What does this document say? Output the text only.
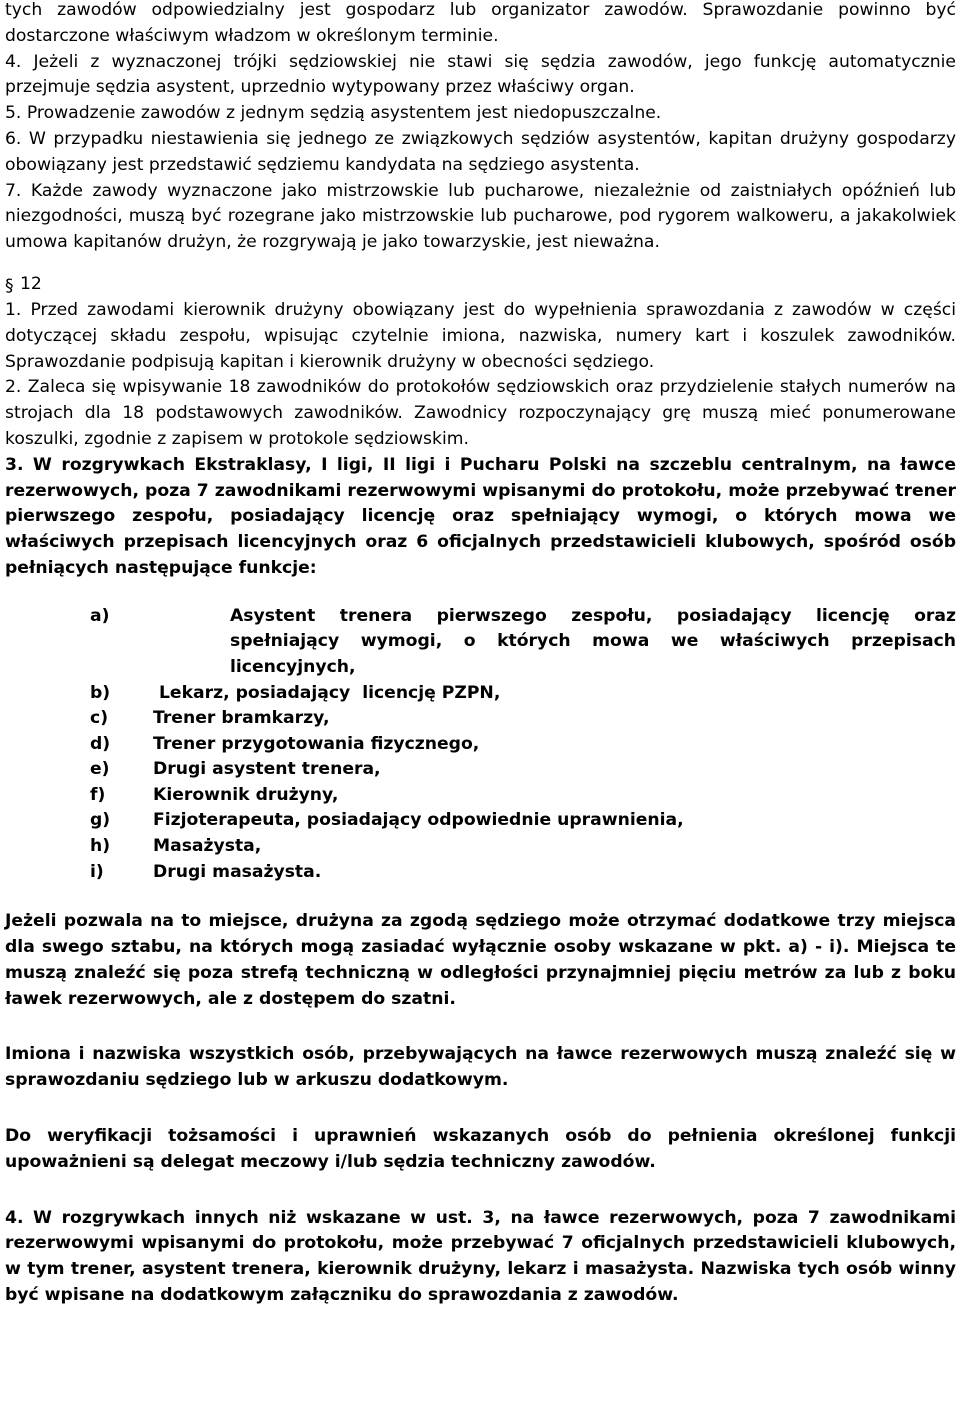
tych zawodów odpowiedzialny jest gospodarz lub organizator zawodów. Sprawozdanie powinno być dostarczone właściwym władzom w określonym terminie.

4. Jeżeli z wyznaczonej trójki sędziowskiej nie stawi się sędzia zawodów, jego funkcję automatycznie przejmuje sędzia asystent, uprzednio wytypowany przez właściwy organ.

5. Prowadzenie zawodów z jednym sędzią asystentem jest niedopuszczalne.

6. W przypadku niestawienia się jednego ze związkowych sędziów asystentów, kapitan drużyny gospodarzy obowiązany jest przedstawić sędziemu kandydata na sędziego asystenta.

7. Każde zawody wyznaczone jako mistrzowskie lub pucharowe, niezależnie od zaistniałych opóźnień lub niezgodności, muszą być rozegrane jako mistrzowskie lub pucharowe, pod rygorem walkoweru, a jakakolwiek umowa kapitanów drużyn, że rozgrywają je jako towarzyskie, jest nieważna.

§ 12

1. Przed zawodami kierownik drużyny obowiązany jest do wypełnienia sprawozdania z zawodów w części dotyczącej składu zespołu, wpisując czytelnie imiona, nazwiska, numery kart i koszulek zawodników. Sprawozdanie podpisują kapitan i kierownik drużyny w obecności sędziego.

2. Zaleca się wpisywanie 18 zawodników do protokołów sędziowskich oraz przydzielenie stałych numerów na strojach dla 18 podstawowych zawodników. Zawodnicy rozpoczynający grę muszą mieć ponumerowane koszulki, zgodnie z zapisem w protokole sędziowskim.

3. W rozgrywkach Ekstraklasy, I ligi, II ligi i Pucharu Polski na szczeblu centralnym, na ławce rezerwowych, poza 7 zawodnikami rezerwowymi wpisanymi do protokołu, może przebywać trener pierwszego zespołu, posiadający licencję oraz spełniający wymogi, o których mowa we właściwych przepisach licencyjnych oraz 6 oficjalnych przedstawicieli klubowych, spośród osób pełniących następujące funkcje:

a)	Asystent trenera pierwszego zespołu, posiadający licencję oraz spełniający wymogi, o których mowa we właściwych przepisach licencyjnych,
b)	Lekarz, posiadający  licencję PZPN,
c)	Trener bramkarzy,
d)	Trener przygotowania fizycznego,
e)	Drugi asystent trenera,
f)	Kierownik drużyny,
g)	Fizjoterapeuta, posiadający odpowiednie uprawnienia,
h)	Masażysta,
i)	Drugi masażysta.

Jeżeli pozwala na to miejsce, drużyna za zgodą sędziego może otrzymać dodatkowe trzy miejsca dla swego sztabu, na których mogą zasiadać wyłącznie osoby wskazane w pkt. a) - i). Miejsca te muszą znaleźć się poza strefą techniczną w odległości przynajmniej pięciu metrów za lub z boku ławek rezerwowych, ale z dostępem do szatni.

Imiona i nazwiska wszystkich osób, przebywających na ławce rezerwowych muszą znaleźć się w sprawozdaniu sędziego lub w arkuszu dodatkowym.

Do weryfikacji tożsamości i uprawnień wskazanych osób do pełnienia określonej funkcji upoważnieni są delegat meczowy i/lub sędzia techniczny zawodów.

4. W rozgrywkach innych niż wskazane w ust. 3, na ławce rezerwowych, poza 7 zawodnikami rezerwowymi wpisanymi do protokołu, może przebywać 7 oficjalnych przedstawicieli klubowych, w tym trener, asystent trenera, kierownik drużyny, lekarz i masażysta. Nazwiska tych osób winny być wpisane na dodatkowym załączniku do sprawozdania z zawodów.
